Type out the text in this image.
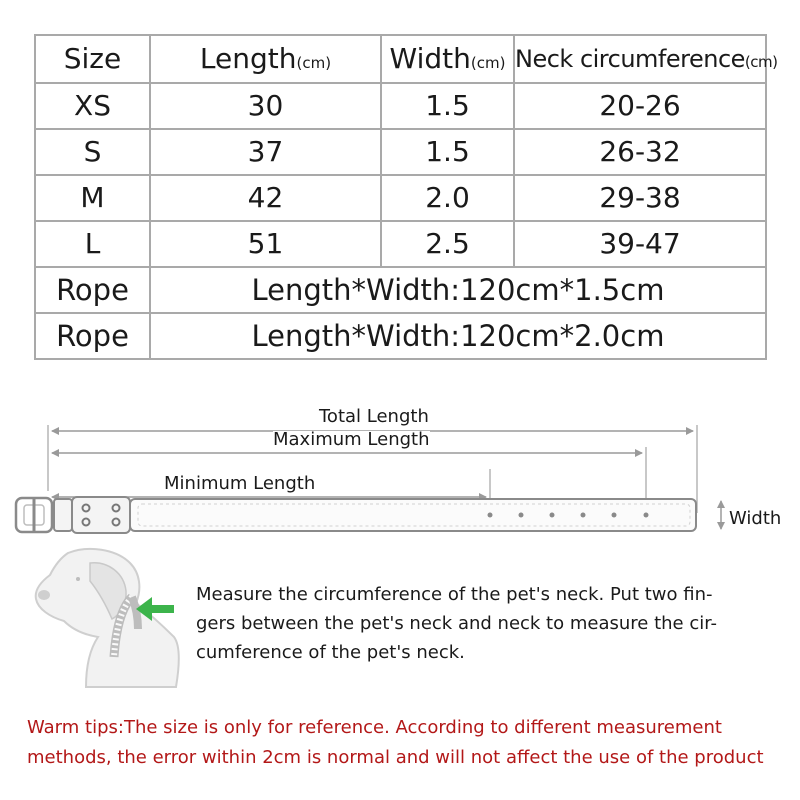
Size	Length(cm)	Width(cm)	Neck circumference(cm)
XS	30	1.5	20-26
S	37	1.5	26-32
M	42	2.0	29-38
L	51	2.5	39-47
Rope	Length*Width:120cm*1.5cm		
Rope	Length*Width:120cm*2.0cm		
Total Length
Maximum Length
Minimum Length
Width
Measure the circumference of the pet's neck. Put two fin- gers between the pet's neck and neck to measure the cir- cumference of the pet's neck.
Warm tips:The size is only for reference. According to different measurement methods, the error within 2cm is normal and will not affect the use of the product
